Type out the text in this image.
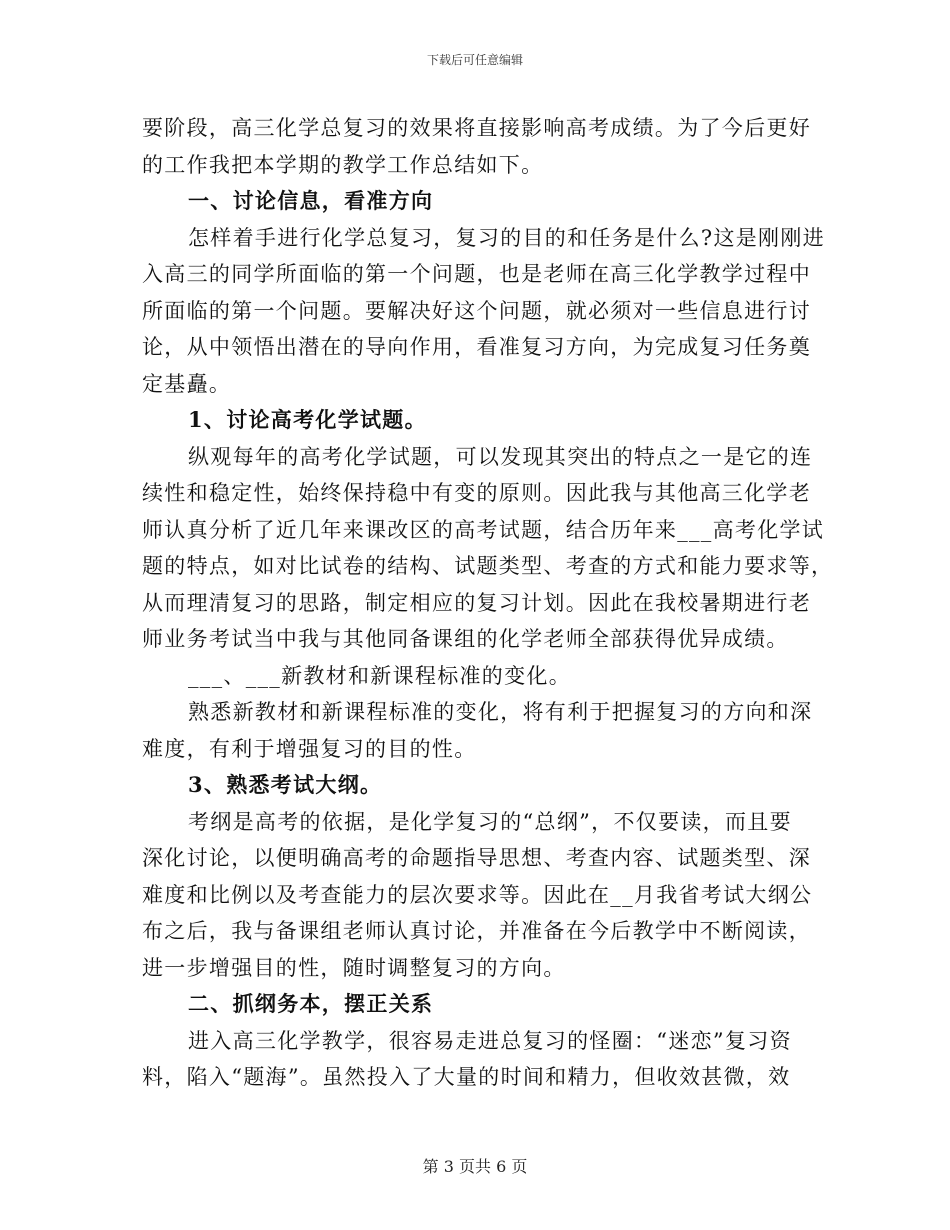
下载后可任意编辑
要阶段，高三化学总复习的效果将直接影响高考成绩。为了今后更好
的工作我把本学期的教学工作总结如下。
一、讨论信息，看准方向
怎样着手进行化学总复习，复习的目的和任务是什么?这是刚刚进
入高三的同学所面临的第一个问题，也是老师在高三化学教学过程中
所面临的第一个问题。要解决好这个问题，就必须对一些信息进行讨
论，从中领悟出潜在的导向作用，看准复习方向，为完成复习任务奠
定基矗。
1、讨论高考化学试题。
纵观每年的高考化学试题，可以发现其突出的特点之一是它的连
续性和稳定性，始终保持稳中有变的原则。因此我与其他高三化学老
师认真分析了近几年来课改区的高考试题，结合历年来___高考化学试
题的特点，如对比试卷的结构、试题类型、考查的方式和能力要求等，
从而理清复习的思路，制定相应的复习计划。因此在我校暑期进行老
师业务考试当中我与其他同备课组的化学老师全部获得优异成绩。
___、___新教材和新课程标准的变化。
熟悉新教材和新课程标准的变化，将有利于把握复习的方向和深
难度，有利于增强复习的目的性。
3、熟悉考试大纲。
考纲是高考的依据，是化学复习的“总纲”，不仅要读，而且要
深化讨论，以便明确高考的命题指导思想、考查内容、试题类型、深
难度和比例以及考查能力的层次要求等。因此在__月我省考试大纲公
布之后，我与备课组老师认真讨论，并准备在今后教学中不断阅读，
进一步增强目的性，随时调整复习的方向。
二、抓纲务本，摆正关系
进入高三化学教学，很容易走进总复习的怪圈：“迷恋”复习资
料，陷入“题海”。虽然投入了大量的时间和精力，但收效甚微，效
第 3 页共 6 页
